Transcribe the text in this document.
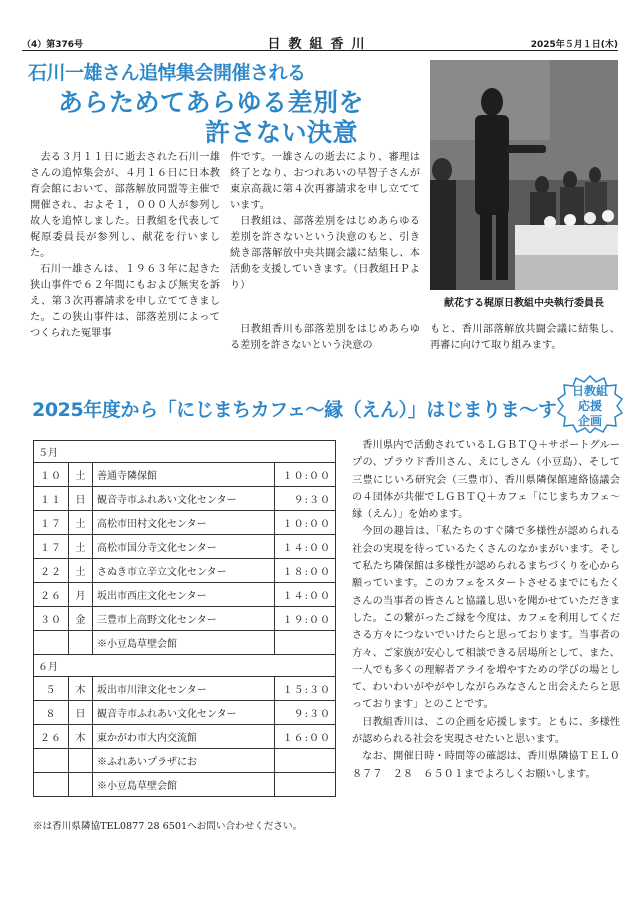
（4）第376号	日教組香川	2025年５月１日(木)
石川一雄さん追悼集会開催される
あらためてあらゆる差別を
許さない決意
献花する梶原日教組中央執行委員長

去る３月１１日に逝去された石川一雄さんの追悼集会が、４月１６日に日本教育会館において、部落解放同盟等主催で開催され、およそ１，０００人が参列し故人を追悼しました。日教組を代表して梶原委員長が参列し、献花を行いました。

石川一雄さんは、１９６３年に起きた狭山事件で６２年間にもおよび無実を訴え、第３次再審請求を申し立ててきました。この狭山事件は、部落差別によってつくられた冤罪事

件です。一雄さんの逝去により、審理は終了となり、おつれあいの早智子さんが東京高裁に第４次再審請求を申し立てています。

日教組は、部落差別をはじめあらゆる差別を許さないという決意のもと、引き続き部落解放中央共闘会議に結集し、本活動を支援していきます。（日教組ＨＰより）

日教組香川も部落差別をはじめあらゆる差別を許さないという決意の

もと、香川部落解放共闘会議に結集し、再審に向けて取り組みます。

2025年度から「にじまちカフェ～縁（えん）」はじまりま～す
日教組
応援
企画
５月			
１０	土	善通寺隣保館	１０:００
１１	日	観音寺市ふれあい文化センター	９:３０
１７	土	高松市田村文化センター	１０:００
１７	土	高松市国分寺文化センター	１４:００
２２	土	さぬき市立辛立文化センター	１８:００
２６	月	坂出市西庄文化センター	１４:００
３０	金	三豊市上高野文化センター	１９:００
		※小豆島草壁会館	
６月			
５	木	坂出市川津文化センター	１５:３０
８	日	観音寺市ふれあい文化センター	９:３０
２６	木	東かがわ市大内交流館	１６:００
		※ふれあいプラザにお	
		※小豆島草壁会館	
※は香川県隣協TEL0877 28 6501へお問い合わせください。

香川県内で活動されているＬＧＢＴＱ＋サポートグループの、プラウド香川さん、えにしさん（小豆島）、そして三豊にじいろ研究会（三豊市）、香川県隣保館連絡協議会の４団体が共催でＬＧＢＴＱ＋カフェ「にじまちカフェ～縁（えん）」を始めます。

今回の趣旨は、「私たちのすぐ隣で多様性が認められる社会の実現を待っているたくさんのなかまがいます。そして私たち隣保館は多様性が認められるまちづくりを心から願っています。このカフェをスタートさせるまでにもたくさんの当事者の皆さんと協議し思いを聞かせていただきました。この繋がったご縁を今度は、カフェを利用してくださる方々につないでいけたらと思っております。当事者の方々、ご家族が安心して相談できる居場所として、また、一人でも多くの理解者アライを増やすための学びの場として、わいわいがやがやしながらみなさんと出会えたらと思っております」とのことです。

日教組香川は、この企画を応援します。ともに、多様性が認められる社会を実現させたいと思います。

なお、開催日時・時間等の確認は、香川県隣協ＴＥＬ０８７７　２８　６５０１までよろしくお願いします。
